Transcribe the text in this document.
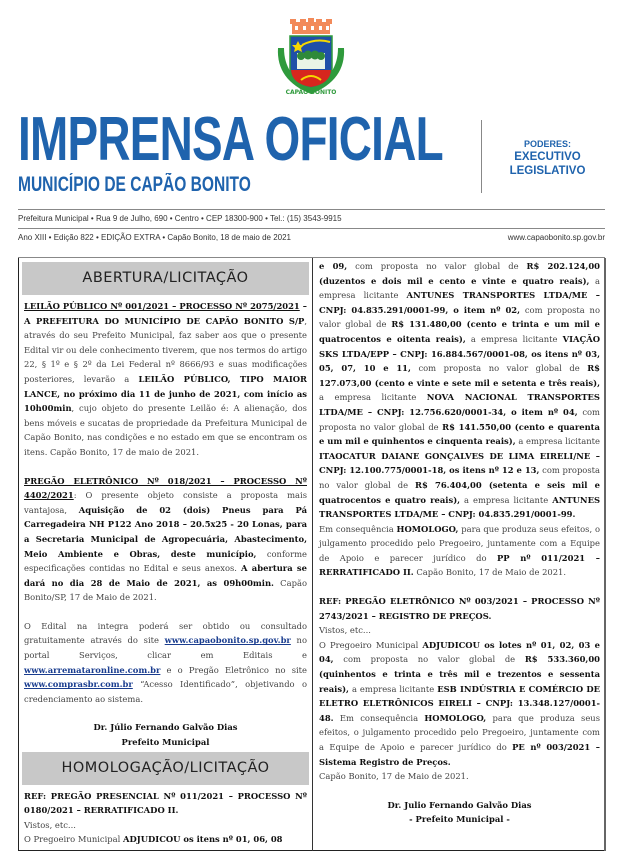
CAPÃO BONITO
IMPRENSA OFICIAL
MUNICÍPIO DE CAPÃO BONITO
PODERES:
EXECUTIVO
LEGISLATIVO
Prefeitura Municipal • Rua 9 de Julho, 690 • Centro • CEP 18300-900 • Tel.: (15) 3543-9915
Ano XIII • Edição 822 • EDIÇÃO EXTRA • Capão Bonito, 18 de maio de 2021	www.capaobonito.sp.gov.br
ABERTURA/LICITAÇÃO

LEILÃO PÚBLICO Nº 001/2021 – PROCESSO Nº 2075/2021 – A PREFEITURA DO MUNICÍPIO DE CAPÃO BONITO S/P, através do seu Prefeito Municipal, faz saber aos que o presente Edital vir ou dele conhecimento tiverem, que nos termos do artigo 22, § 1º e § 2º da Lei Federal nº 8666/93 e suas modificações posteriores, levarão a LEILÃO PÚBLICO, TIPO MAIOR LANCE, no próximo dia 11 de junho de 2021, com início as 10h00min, cujo objeto do presente Leilão é: A alienação, dos bens móveis e sucatas de propriedade da Prefeitura Municipal de Capão Bonito, nas condições e no estado em que se encontram os itens. Capão Bonito, 17 de maio de 2021.

PREGÃO ELETRÔNICO Nº 018/2021 – PROCESSO Nº 4402/2021: O presente objeto consiste a proposta mais vantajosa, Aquisição de 02 (dois) Pneus para Pá Carregadeira NH P122 Ano 2018 – 20.5x25 - 20 Lonas, para a Secretaria Municipal de Agropecuária, Abastecimento, Meio Ambiente e Obras, deste município, conforme especificações contidas no Edital e seus anexos. A abertura se dará no dia 28 de Maio de 2021, as 09h00min. Capão Bonito/SP, 17 de Maio de 2021.

O Edital na integra poderá ser obtido ou consultado gratuitamente através do site www.capaobonito.sp.gov.br no portal Serviços, clicar em Editais e www.arremataronline.com.br e o Pregão Eletrônico no site www.comprasbr.com.br “Acesso Identificado”, objetivando o credenciamento ao sistema.

Dr. Júlio Fernando Galvão Dias

Prefeito Municipal

HOMOLOGAÇÃO/LICITAÇÃO

REF: PREGÃO PRESENCIAL Nº 011/2021 – PROCESSO Nº 0180/2021 – RERRATIFICADO II.

Vistos, etc...

O Pregoeiro Municipal ADJUDICOU os itens nº 01, 06, 08

e 09, com proposta no valor global de R$ 202.124,00 (duzentos e dois mil e cento e vinte e quatro reais), a empresa licitante ANTUNES TRANSPORTES LTDA/ME – CNPJ: 04.835.291/0001-99, o item nº 02, com proposta no valor global de R$ 131.480,00 (cento e trinta e um mil e quatrocentos e oitenta reais), a empresa licitante VIAÇÃO SKS LTDA/EPP – CNPJ: 16.884.567/0001-08, os itens nº 03, 05, 07, 10 e 11, com proposta no valor global de R$ 127.073,00 (cento e vinte e sete mil e setenta e três reais), a empresa licitante NOVA NACIONAL TRANSPORTES LTDA/ME – CNPJ: 12.756.620/0001-34, o item nº 04, com proposta no valor global de R$ 141.550,00 (cento e quarenta e um mil e quinhentos e cinquenta reais), a empresa licitante ITAOCATUR DAIANE GONÇALVES DE LIMA EIRELI/NE – CNPJ: 12.100.775/0001-18, os itens nº 12 e 13, com proposta no valor global de R$ 76.404,00 (setenta e seis mil e quatrocentos e quatro reais), a empresa licitante ANTUNES TRANSPORTES LTDA/ME – CNPJ: 04.835.291/0001-99.

Em consequência HOMOLOGO, para que produza seus efeitos, o julgamento procedido pelo Pregoeiro, juntamente com a Equipe de Apoio e parecer jurídico do PP nº 011/2021 – RERRATIFICADO II. Capão Bonito, 17 de Maio de 2021.

REF: PREGÃO ELETRÔNICO Nº 003/2021 – PROCESSO Nº 2743/2021 – REGISTRO DE PREÇOS.

Vistos, etc...

O Pregoeiro Municipal ADJUDICOU os lotes nº 01, 02, 03 e 04, com proposta no valor global de R$ 533.360,00 (quinhentos e trinta e três mil e trezentos e sessenta reais), a empresa licitante ESB INDÚSTRIA E COMÉRCIO DE ELETRO ELETRÔNICOS EIRELI – CNPJ: 13.348.127/0001-48. Em consequência HOMOLOGO, para que produza seus efeitos, o julgamento procedido pelo Pregoeiro, juntamente com a Equipe de Apoio e parecer jurídico do PE nº 003/2021 – Sistema Registro de Preços.

Capão Bonito, 17 de Maio de 2021.

Dr. Julio Fernando Galvão Dias

- Prefeito Municipal -
